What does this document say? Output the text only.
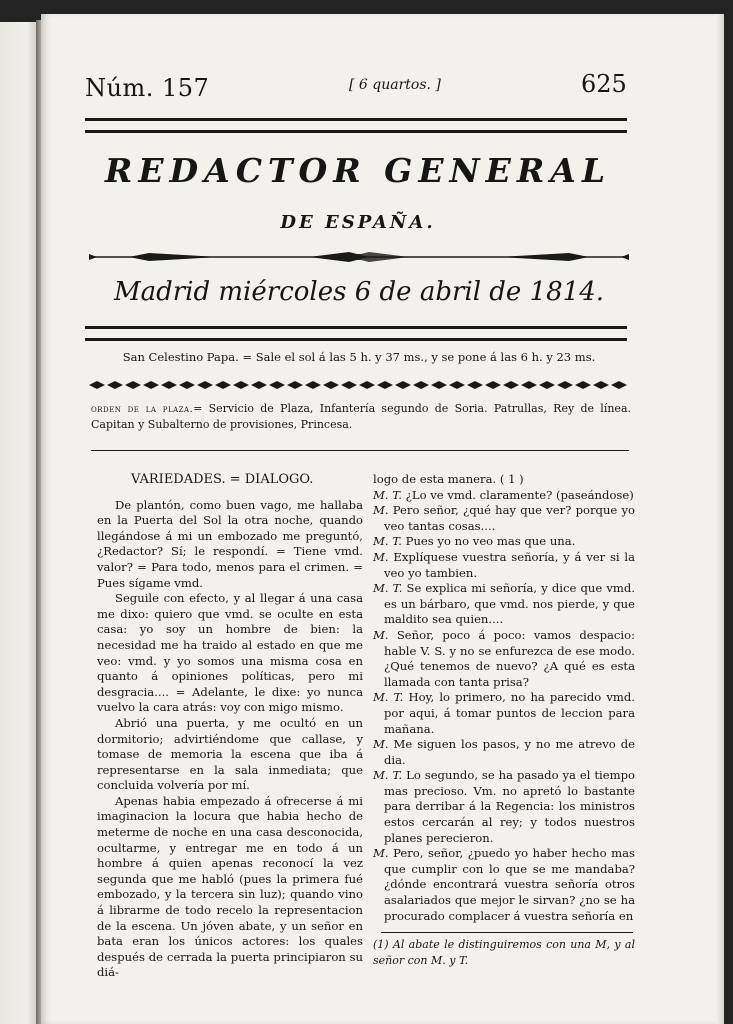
Núm. 157	[ 6 quartos. ]	625
REDACTOR GENERAL
DE ESPAÑA.
Madrid miércoles 6 de abril de 1814.
San Celestino Papa. = Sale el sol á las 5 h. y 37 ms., y se pone á las 6 h. y 23 ms.
orden de la plaza.= Servicio de Plaza, Infantería segundo de Soria. Patrullas, Rey de línea. Capitan y Subalterno de provisiones, Princesa.
VARIEDADES. = DIALOGO.

De plantón, como buen vago, me hallaba en la Puerta del Sol la otra noche, quando llegándose á mi un embozado me preguntó, ¿Redactor? Sí; le respondí. = Tiene vmd. valor? = Para todo, menos para el crimen. = Pues sígame vmd.

Seguile con efecto, y al llegar á una casa me dixo: quiero que vmd. se oculte en esta casa: yo soy un hombre de bien: la necesidad me ha traido al estado en que me veo: vmd. y yo somos una misma cosa en quanto á opiniones políticas, pero mi desgracia.... = Adelante, le dixe: yo nunca vuelvo la cara atrás: voy con migo mismo.

Abrió una puerta, y me ocultó en un dormitorio; advirtiéndome que callase, y tomase de memoria la escena que iba á representarse en la sala inmediata; que concluida volvería por mí.

Apenas habia empezado á ofrecerse á mi imaginacion la locura que habia hecho de meterme de noche en una casa desconocida, ocultarme, y entregar me en todo á un hombre á quien apenas reconocí la vez segunda que me habló (pues la primera fué embozado, y la tercera sin luz); quando vino á librarme de todo recelo la representacion de la escena. Un jóven abate, y un señor en bata eran los únicos actores: los quales después de cerrada la puerta principiaron su diá-

logo de esta manera. ( 1 )

M. T. ¿Lo ve vmd. claramente? (paseándose)

M. Pero señor, ¿qué hay que ver? porque yo veo tantas cosas....

M. T. Pues yo no veo mas que una.

M. Explíquese vuestra señoría, y á ver si la veo yo tambien.

M. T. Se explica mi señoría, y dice que vmd. es un bárbaro, que vmd. nos pierde, y que maldito sea quien....

M. Señor, poco á poco: vamos despacio: hable V. S. y no se enfurezca de ese modo. ¿Qué tenemos de nuevo? ¿A qué es esta llamada con tanta prisa?

M. T. Hoy, lo primero, no ha parecido vmd. por aqui, á tomar puntos de leccion para mañana.

M. Me siguen los pasos, y no me atrevo de dia.

M. T. Lo segundo, se ha pasado ya el tiempo mas precioso. Vm. no apretó lo bastante para derribar á la Regencia: los ministros estos cercarán al rey; y todos nuestros planes perecieron.

M. Pero, señor, ¿puedo yo haber hecho mas que cumplir con lo que se me mandaba? ¿dónde encontrará vuestra señoría otros asalariados que mejor le sirvan? ¿no se ha procurado complacer á vuestra señoría en

(1) Al abate le distinguiremos con una M, y al señor con M. y T.
